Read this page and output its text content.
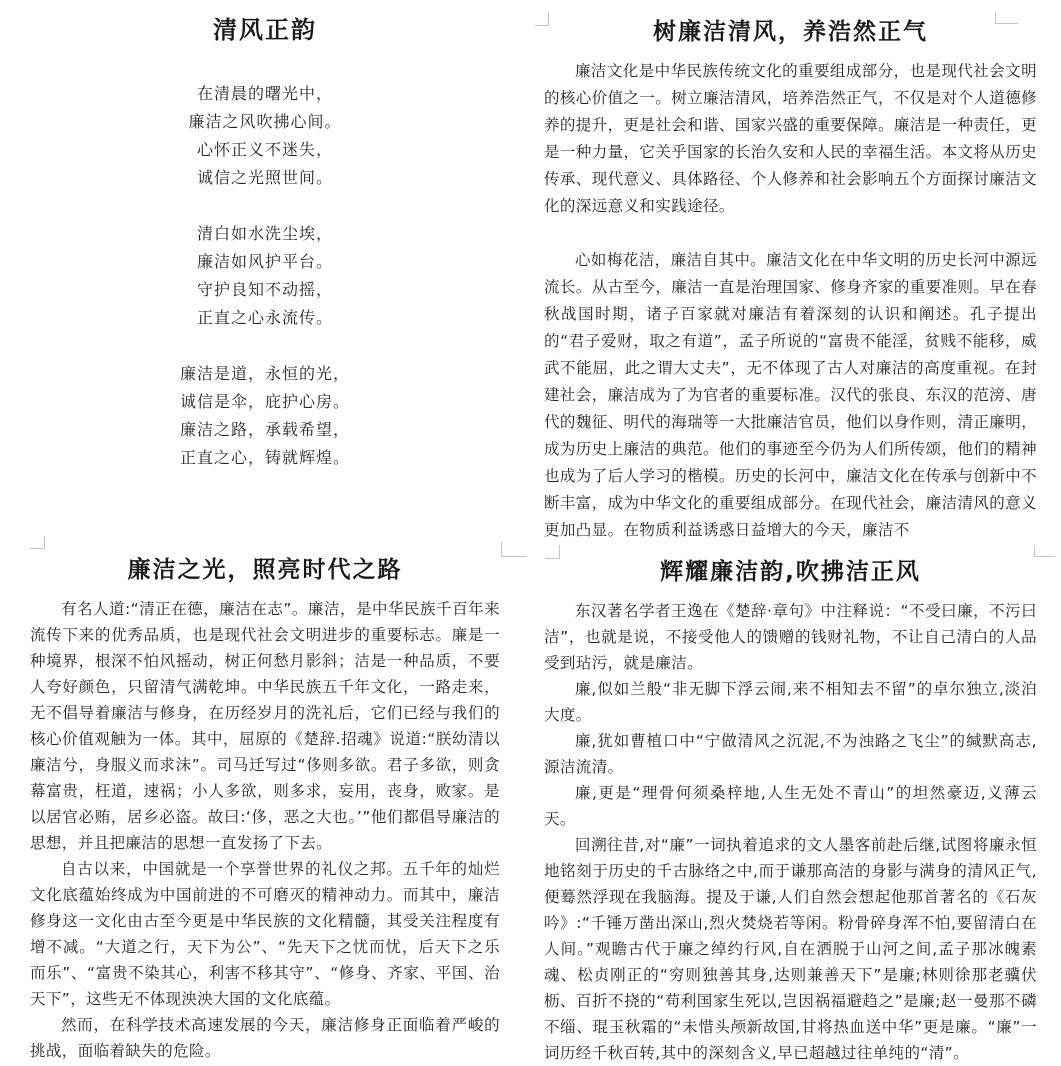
清风正韵
在清晨的曙光中，
廉洁之风吹拂心间。
心怀正义不迷失，
诚信之光照世间。
清白如水洗尘埃，
廉洁如风护平台。
守护良知不动摇，
正直之心永流传。
廉洁是道，永恒的光，
诚信是伞，庇护心房。
廉洁之路，承载希望，
正直之心，铸就辉煌。
树廉洁清风，养浩然正气

廉洁文化是中华民族传统文化的重要组成部分，也是现代社会文明的核心价值之一。树立廉洁清风，培养浩然正气，不仅是对个人道德修养的提升，更是社会和谐、国家兴盛的重要保障。廉洁是一种责任，更是一种力量，它关乎国家的长治久安和人民的幸福生活。本文将从历史传承、现代意义、具体路径、个人修养和社会影响五个方面探讨廉洁文化的深远意义和实践途径。

心如梅花洁，廉洁自其中。廉洁文化在中华文明的历史长河中源远流长。从古至今，廉洁一直是治理国家、修身齐家的重要准则。早在春秋战国时期，诸子百家就对廉洁有着深刻的认识和阐述。孔子提出的“君子爱财，取之有道”，孟子所说的“富贵不能淫，贫贱不能移，威武不能屈，此之谓大丈夫”，无不体现了古人对廉洁的高度重视。在封建社会，廉洁成为了为官者的重要标准。汉代的张良、东汉的范滂、唐代的魏征、明代的海瑞等一大批廉洁官员，他们以身作则，清正廉明，成为历史上廉洁的典范。他们的事迹至今仍为人们所传颂，他们的精神也成为了后人学习的楷模。历史的长河中，廉洁文化在传承与创新中不断丰富，成为中华文化的重要组成部分。在现代社会，廉洁清风的意义更加凸显。在物质利益诱惑日益增大的今天，廉洁不

廉洁之光，照亮时代之路

有名人道:“清正在德，廉洁在志”。廉洁，是中华民族千百年来流传下来的优秀品质，也是现代社会文明进步的重要标志。廉是一种境界，根深不怕风摇动，树正何愁月影斜；洁是一种品质，不要人夸好颜色，只留清气满乾坤。中华民族五千年文化，一路走来，无不倡导着廉洁与修身，在历经岁月的洗礼后，它们已经与我们的核心价值观触为一体。其中，屈原的《楚辞.招魂》说道:“朕幼清以廉洁兮，身服义而求沫”。司马迁写过“侈则多欲。君子多欲，则贪幕富贵，枉道，速祸；小人多欲，则多求，妄用，丧身，败家。是以居官必贿，居乡必盗。故曰:‘侈，恶之大也。’”他们都倡导廉洁的思想，并且把廉洁的思想一直发扬了下去。

自古以来，中国就是一个享誉世界的礼仪之邦。五千年的灿烂文化底蕴始终成为中国前进的不可磨灭的精神动力。而其中，廉洁修身这一文化由古至今更是中华民族的文化精髓，其受关注程度有增不减。“大道之行，天下为公”、“先天下之忧而忧，后天下之乐而乐”、“富贵不染其心，利害不移其守”、“修身、齐家、平国、治天下”，这些无不体现泱泱大国的文化底蕴。

然而，在科学技术高速发展的今天，廉洁修身正面临着严峻的挑战，面临着缺失的危险。

辉耀廉洁韵,吹拂洁正风

东汉著名学者王逸在《楚辞·章句》中注释说：“不受曰廉，不污曰洁”，也就是说，不接受他人的馈赠的钱财礼物，不让自己清白的人品受到玷污，就是廉洁。

廉,似如兰般“非无脚下浮云闹,来不相知去不留”的卓尔独立,淡泊大度。

廉,犹如曹植口中“宁做清风之沉泥,不为浊路之飞尘”的缄默高志,源洁流清。

廉,更是“理骨何须桑梓地,人生无处不青山”的坦然豪迈,义薄云天。

回溯往昔,对“廉”一词执着追求的文人墨客前赴后继,试图将廉永恒地铭刻于历史的千古脉络之中,而于谦那高洁的身影与满身的清风正气,便蓦然浮现在我脑海。提及于谦,人们自然会想起他那首著名的《石灰吟》:“千锤万凿出深山,烈火焚烧若等闲。粉骨碎身浑不怕,要留清白在人间。”观瞻古代于廉之绰约行风,自在洒脱于山河之间,孟子那冰魄素魂、松贞刚正的“穷则独善其身,达则兼善天下”是廉;林则徐那老骥伏枥、百折不挠的“苟利国家生死以,岂因祸福避趋之”是廉;赵一曼那不磷不缁、琨玉秋霜的“未惜头颅新故国,甘将热血送中华”更是廉。“廉”一词历经千秋百转,其中的深刻含义,早已超越过往单纯的“清”。
